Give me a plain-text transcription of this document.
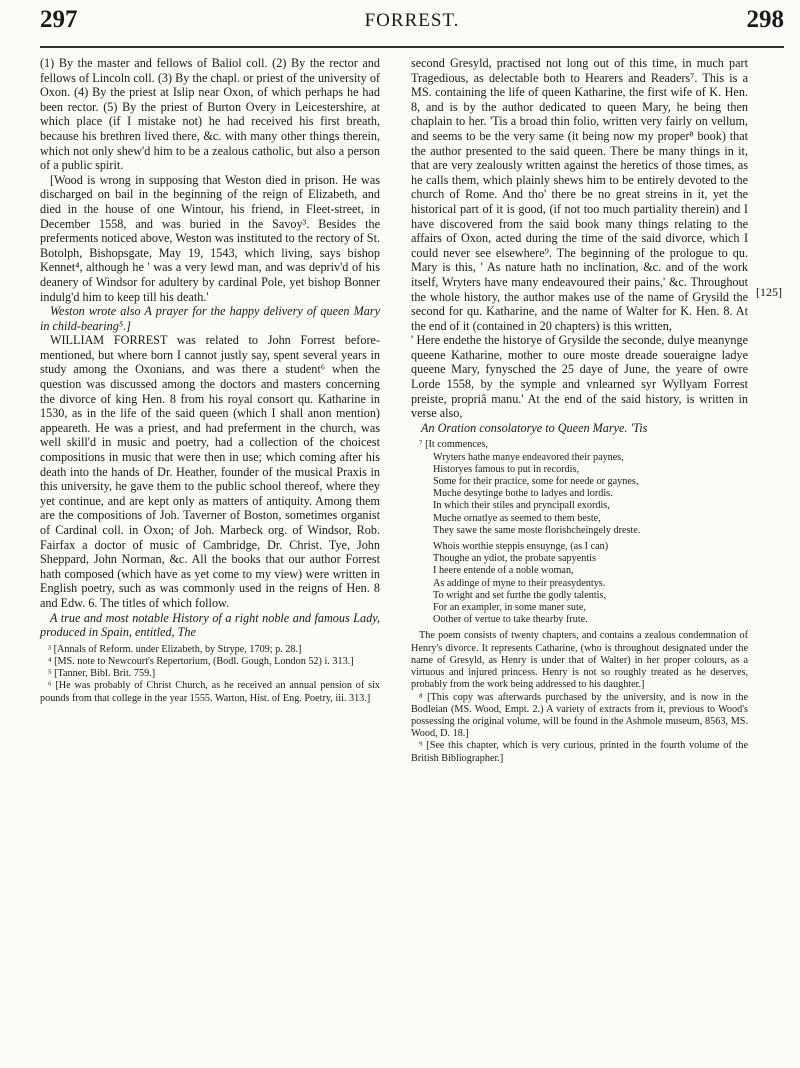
297	FORREST.	298

(1) By the master and fellows of Baliol coll. (2) By the rector and fellows of Lincoln coll. (3) By the chapl. or priest of the university of Oxon. (4) By the priest at Islip near Oxon, of which perhaps he had been rector. (5) By the priest of Burton Overy in Leicestershire, at which place (if I mistake not) he had received his first breath, because his brethren lived there, &c. with many other things therein, which not only shew'd him to be a zealous catholic, but also a person of a public spirit.

[Wood is wrong in supposing that Weston died in prison. He was discharged on bail in the beginning of the reign of Elizabeth, and died in the house of one Wintour, his friend, in Fleet-street, in December 1558, and was buried in the Savoy³. Besides the preferments noticed above, Weston was instituted to the rectory of St. Botolph, Bishopsgate, May 19, 1543, which living, says bishop Kennet⁴, although he ' was a very lewd man, and was depriv'd of his deanery of Windsor for adultery by cardinal Pole, yet bishop Bonner indulg'd him to keep till his death.'

Weston wrote also A prayer for the happy delivery of queen Mary in child-bearing⁵.]

WILLIAM FORREST was related to John Forrest before-mentioned, but where born I cannot justly say, spent several years in study among the Oxonians, and was there a student⁶ when the question was discussed among the doctors and masters concerning the divorce of king Hen. 8 from his royal consort qu. Katharine in 1530, as in the life of the said queen (which I shall anon mention) appeareth. He was a priest, and had preferment in the church, was well skill'd in music and poetry, had a collection of the choicest compositions in music that were then in use; which coming after his death into the hands of Dr. Heather, founder of the musical Praxis in this university, he gave them to the public school thereof, where they yet continue, and are kept only as matters of antiquity. Among them are the compositions of Joh. Taverner of Boston, sometimes organist of Cardinal coll. in Oxon; of Joh. Marbeck org. of Windsor, Rob. Fairfax a doctor of music of Cambridge, Dr. Christ. Tye, John Sheppard, John Norman, &c. All the books that our author Forrest hath composed (which have as yet come to my view) were written in English poetry, such as was commonly used in the reigns of Hen. 8 and Edw. 6. The titles of which follow.

A true and most notable History of a right noble and famous Lady, produced in Spain, entitled, The

³ [Annals of Reform. under Elizabeth, by Strype, 1709; p. 28.]

⁴ [MS. note to Newcourt's Repertorium, (Bodl. Gough, London 52) i. 313.]

⁵ [Tanner, Bibl. Brit. 759.]

⁶ [He was probably of Christ Church, as he received an annual pension of six pounds from that college in the year 1555. Warton, Hist. of Eng. Poetry, iii. 313.]

[125]

second Gresyld, practised not long out of this time, in much part Tragedious, as delectable both to Hearers and Readers⁷. This is a MS. containing the life of queen Katharine, the first wife of K. Hen. 8, and is by the author dedicated to queen Mary, he being then chaplain to her. 'Tis a broad thin folio, written very fairly on vellum, and seems to be the very same (it being now my proper⁸ book) that the author presented to the said queen. There be many things in it, that are very zealously written against the heretics of those times, as he calls them, which plainly shews him to be entirely devoted to the church of Rome. And tho' there be no great streins in it, yet the historical part of it is good, (if not too much partiality therein) and I have discovered from the said book many things relating to the affairs of Oxon, acted during the time of the said divorce, which I could never see elsewhere⁹. The beginning of the prologue to qu. Mary is this, ' As nature hath no inclination, &c. and of the work itself, Wryters have many endeavoured their pains,' &c. Throughout the whole history, the author makes use of the name of Grysild the second for qu. Katharine, and the name of Walter for K. Hen. 8. At the end of it (contained in 20 chapters) is this written,

' Here endethe the historye of Grysilde the seconde, dulye meanynge queene Katharine, mother to oure moste dreade soueraigne ladye queene Mary, fynysched the 25 daye of June, the yeare of owre Lorde 1558, by the symple and vnlearned syr Wyllyam Forrest preiste, propriâ manu.' At the end of the said history, is written in verse also,

An Oration consolatorye to Queen Marye. 'Tis

⁷ [It commences,

Wryters hathe manye endeavored their paynes,

Historyes famous to put in recordis,

Some for their practice, some for neede or gaynes,

Muche desytinge bothe to ladyes and lordis.

In which their stiles and pryncipall exordis,

Muche ornatlye as seemed to them beste,

They sawe the same moste florishcheingely dreste.

Whois worthie steppis ensuynge, (as I can)

Thoughe an ydiot, the probate sapyentis

I heere entende of a noble woman,

As addinge of myne to their preasydentys.

To wright and set furthe the godly talentis,

For an exampler, in some maner sute,

Oother of vertue to take thearby frute.

The poem consists of twenty chapters, and contains a zealous condemnation of Henry's divorce. It represents Catharine, (who is throughout designated under the name of Gresyld, as Henry is under that of Walter) in her proper colours, as a virtuous and injured princess. Henry is not so roughly treated as he deserves, probably from the work being addressed to his daughter.]

⁸ [This copy was afterwards purchased by the university, and is now in the Bodleian (MS. Wood, Empt. 2.) A variety of extracts from it, previous to Wood's possessing the original volume, will be found in the Ashmole museum, 8563, MS. Wood, D. 18.]

⁹ [See this chapter, which is very curious, printed in the fourth volume of the British Bibliographer.]
